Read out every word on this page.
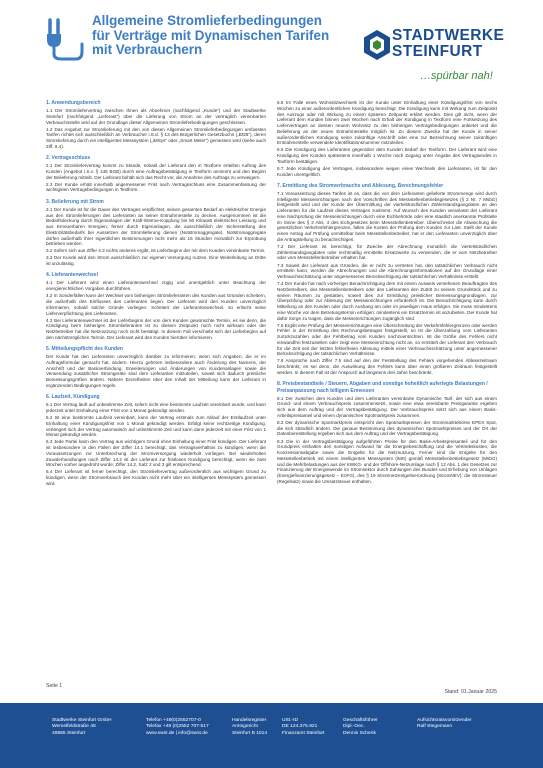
Allgemeine Stromlieferbedingungen
für Verträge mit Dynamischen Tarifen
mit Verbrauchern
STADTWERKE
STEINFURT
…spürbar nah!
1. Anwendungsbereich

1.1 Der Stromliefervertrag zwischen Ihnen als Abnehmer (nachfolgend „Kunde“) und der Stadtwerke Steinfurt (nachfolgend „Lieferant“) über die Lieferung von Strom an der vertraglich vereinbarten Verbrauchsstelle wird auf der Grundlage dieser Allgemeinen Stromlieferbedingungen geschlossen.

1.2 Das Angebot zur Stromlieferung mit den von diesen Allgemeinen Stromlieferbedingungen umfassten Tarifen richtet sich ausschließlich an Verbraucher i.S.d. § 13 des Bürgerlichen Gesetzbuchs („BGB“), deren Stromlieferung durch ein intelligentes Messsystem („iMSys“ oder „Smart Meter“) gemessen wird (siehe auch Ziff. 6.4).

2. Vertragsschluss

2.1 Der Stromliefervertrag kommt zu Stande, sobald der Lieferant den in Textform erteilten Auftrag des Kunden (Angebot i.S.v. § 145 BGB) durch eine Auftragsbestätigung in Textform annimmt und den Beginn der Belieferung mitteilt. Der Lieferant behält sich das Recht vor, die Annahme des Auftrags zu verweigern.

2.2 Der Kunde erhält innerhalb angemessener Frist nach Vertragsschluss eine Zusammenfassung der wichtigsten Vertragsbedingungen in Textform.

3. Belieferung mit Strom

3.1 Der Kunde ist für die Dauer des Vertrages verpflichtet, seinen gesamten Bedarf an elektrischer Energie aus den Stromlieferungen des Lieferanten an seiner Entnahmestelle zu decken. Ausgenommen ist die Bedarfsdeckung durch Eigenanlagen der Kraft-Wärme-Kopplung bis 50 Kilowatt elektrischer Leistung und aus Erneuerbaren Energien; ferner durch Eigenanlagen, die ausschließlich der Sicherstellung des Elektrizitätsbedarfs bei Aussetzen der Stromlieferung dienen (Notstromaggregate). Notstromaggregate dürfen außerhalb ihrer eigentlichen Bestimmungen nicht mehr als 15 Stunden monatlich zur Erprobung betrieben werden.

3.2 Sofern sich aus Ziffer 4.3 nichts anderes ergibt, ist Lieferbeginn der mit dem Kunden vereinbarte Termin.

3.3 Der Kunde wird den Strom ausschließlich zur eigenen Versorgung nutzen. Eine Weiterleitung an Dritte ist unzulässig.

4. Lieferantenwechsel

4.1 Der Lieferant wird einen Lieferantenwechsel zügig und unentgeltlich unter Beachtung der energierechtlichen Vorgaben durchführen.

4.2 In Sonderfällen kann der Wechsel vom bisherigen Stromlieferanten des Kunden aus Gründen scheitern, die außerhalb des Einflusses des Lieferanten liegen. Der Lieferant wird den Kunden unverzüglich informieren, sobald solche Gründe vorliegen. Scheitert der Lieferantenwechsel, so erlischt seine Lieferverpflichtung des Lieferanten.

4.3 Bei Lieferantenwechsel ist der Lieferbeginn der von dem Kunden gewünschte Termin, es sei denn, die Kündigung beim bisherigen Stromlieferanten ist zu diesem Zeitpunkt noch nicht wirksam oder der Netzbetreiber hat die Netznutzung noch nicht bestätigt. In diesem Fall verschiebt sich der Lieferbeginn auf den nächstmöglichen Termin. Der Lieferant wird den Kunden hierüber informieren.

5. Mitteilungspflicht des Kunden

Der Kunde hat den Lieferanten unverzüglich darüber zu informieren, wenn sich Angaben, die er im Auftragsformular gemacht hat, ändern. Hierzu gehören insbesondere auch Änderung des Namens, der Anschrift und der Bankverbindung. Erweiterungen und Änderungen von Kundenanlagen sowie die Verwendung zusätzlicher Stromgeräte sind dem Lieferanten mitzuteilen, soweit sich dadurch preisliche Bemessungsgrößen ändern. Nähere Einzelheiten über den Inhalt der Mitteilung kann der Lieferant in ergänzenden Bedingungen regeln.

6. Laufzeit, Kündigung

6.1 Der Vertrag läuft auf unbestimmte Zeit, sofern nicht eine bestimmte Laufzeit vereinbart wurde, und kann jederzeit unter Einhaltung einer Frist von 1 Monat gekündigt werden.

6.2 Ist eine bestimmte Laufzeit vereinbart, kann der Vertrag erstmals zum Ablauf der Erstlaufzeit unter Einhaltung einer Kündigungsfrist von 1 Monat gekündigt werden. Erfolgt keine rechtzeitige Kündigung, verlängert sich der Vertrag automatisch auf unbestimmte Zeit und kann dann jederzeit mit einer Frist von 1 Monat gekündigt werden.

6.3 Jede Partei kann den Vertrag aus wichtigem Grund ohne Einhaltung einer Frist kündigen. Der Lieferant ist insbesondere in den Fällen der Ziffer 14.1 berechtigt, das Vertragsverhältnis zu kündigen, wenn die Voraussetzungen zur Unterbrechung der Stromversorgung wiederholt vorliegen. Bei wiederholten Zuwiderhandlungen nach Ziffer 14.2 ist der Lieferant zur fristlosen Kündigung berechtigt, wenn sie zwei Wochen vorher angedroht wurde; Ziffer 14.2, Satz 2 und 3 gilt entsprechend.

6.4 Der Lieferant ist ferner berechtigt, den Stromliefervertrag außerordentlich aus wichtigem Grund zu kündigen, wenn der Stromverbrauch des Kunden nicht mehr über ein intelligentes Messsystem gemessen wird.

6.5 Im Falle eines Wohnsitzwechsels ist der Kunde unter Einhaltung einer Kündigungsfrist von sechs Wochen zu einer außerordentlichen Kündigung berechtigt. Die Kündigung kann mit Wirkung zum Zeitpunkt des Auszugs oder mit Wirkung zu einem späteren Zeitpunkt erklärt werden. Dies gilt nicht, wenn der Lieferant dem Kunden binnen zwei Wochen nach Erhalt der Kündigung in Textform eine Fortsetzung des Liefervertrages an dessen neuem Wohnsitz zu den bisherigen Vertragsbedingungen anbietet und die Belieferung an der neuen Entnahmestelle möglich ist. Zu diesem Zwecke hat der Kunde in seiner außerordentlichen Kündigung seine zukünftige Anschrift oder eine zur Bezeichnung seiner zukünftigen Entnahmestelle verwendete Identifikationsnummer mitzuteilen.

6.6 Die Kündigung des Lieferanten gegenüber dem Kunden bedarf der Textform. Der Lieferant wird eine Kündigung des Kunden spätestens innerhalb 1 Woche nach Zugang unter Angabe des Vertragsendes in Textform bestätigen.

6.7 Jede Kündigung des Vertrages, insbesondere wegen eines Wechsels des Lieferanten, ist für den Kunden unentgeltlich.

7. Ermittlung des Stromverbrauchs und Ablesung, Berechnungsfehler

7.1 Voraussetzung dieses Tarifes ist es, dass die von dem Lieferanten gelieferte Strommenge wird durch intelligente Messeinrichtungen nach den Vorschriften des Messstellenbetriebsgesetzes (§ 2 Nr. 7 MsbG) festgestellt wird und der Kunde der Übermittlung der viertelstündlichen Zählerstandsgangdaten an den Lieferanten für die Laufzeit dieses Vertrages zustimmt. Auf Wunsch des Kunden veranlasst der Lieferant eine Nachprüfung der Messeinrichtungen durch eine Eichbehörde oder eine staatlich anerkannte Prüfstelle im Sinne des § 2 Abs. 4 des Eichgesetzes beim Messstellenbetreiber. Überschreitet die Abweichung die gesetzlichen Verkehrsfehlergrenzen, fallen die Kosten der Prüfung dem Kunden zur Last. Stellt der Kunde einen Antrag auf Prüfung unmittelbar beim Messstellenbetreiber, hat er den Lieferanten unverzüglich über die Antragstellung zu benachrichtigen.

7.2 Der Lieferant ist berechtigt, für Zwecke der Abrechnung monatlich die viertelstündlichen Zählerstandsgangdaten oder rechtmäßig ermittelte Ersatzwerte zu verwenden, die er vom Netzbetreiber oder vom Messstellenbetreiber erhalten hat.

7.3 Soweit der Lieferant aus Gründen, die er nicht zu vertreten hat, den tatsächlichen Verbrauch nicht ermitteln kann, werden die Abrechnungen und die Abrechnungsinformationen auf der Grundlage einer Verbrauchsschätzung unter angemessener Berücksichtigung der tatsächlichen Verhältnisse erstellt.

7.4 Der Kunde hat nach vorheriger Benachrichtigung dem mit einem Ausweis versehenen Beauftragten des Netzbetreibers, des Messstellenbetreibers oder des Lieferanten den Zutritt zu seinem Grundstück und zu seinen Räumen zu gestatten, soweit dies zur Ermittlung preislicher Bemessungsgrundlagen, zur Überprüfung oder zur Ablesung der Messeinrichtungen erforderlich ist. Die Benachrichtigung kann durch Mitteilung an den Kunden oder durch Aushang am oder im jeweiligen Haus erfolgen. Sie muss mindestens eine Woche vor dem Betretungstermin erfolgen; mindestens ein Ersatztermin ist anzubieten. Der Kunde hat dafür Sorge zu tragen, dass die Messeinrichtungen zugänglich sind.

7.5 Ergibt eine Prüfung der Messeinrichtungen eine Überschreitung der Verkehrsfehlergrenzen oder werden Fehler in der Ermittlung des Rechnungsbetrages festgestellt, so ist die Überzahlung vom Lieferanten zurückzuzahlen oder der Fehlbetrag vom Kunden nachzuentrichten. Ist die Größe des Fehlers nicht einwandfrei festzustellen oder zeigt eine Messeinrichtung nicht an, so ermittelt der Lieferant den Verbrauch für die Zeit seit der letzten fehlerfreien Ablesung mittels einer Verbrauchsschätzung unter angemessener Berücksichtigung der tatsächlichen Verhältnisse.

7.6 Ansprüche nach Ziffer 7.5 sind auf den der Feststellung des Fehlers vorgehenden Ablesezeitraum beschränkt, es sei denn, die Auswirkung des Fehlers kann über einen größeren Zeitraum festgestellt werden. In diesem Fall ist der Anspruch auf längstens drei Jahre beschränkt.

8. Preisbestandteile / Steuern, Abgaben und sonstige hoheitlich auferlegte Belastungen / Preisanpassung nach billigem Ermessen

8.1 Der zwischen dem Kunden und dem Lieferanten vereinbarte Dynamische Tarif, der sich aus einem Grund- und einem Verbrauchspreis zusammensetzt, sowie eine etwa vereinbarte Preisgarantie ergeben sich aus dem Auftrag und der Vertragsbestätigung. Der Verbrauchspreis setzt sich aus einem Basis-Arbeitspreisanteil und einem dynamischen Spotmarktpreis zusammen.

8.2 Der dynamische Spotmarktpreis entspricht den Spotmarktpreisen der Strommarktebörse EPEX Spot, die sich stündlich ändern. Die genaue Bestimmung des dynamischen Spotmarktpreises und der Ort der Datenbereitstellung ergeben sich aus dem Auftrag und der Vertragsbestätigung.

8.3 Die in der Vertragsbestätigung aufgeführten Preise für den Basis-Arbeitspreisanteil und für den Grundpreis enthalten den sonstigen Aufwand für die Energiebeschaffung und die Vertriebskosten, die Konzessionsabgabe sowie die Entgelte für die Netznutzung. Ferner sind die Entgelte für den Messstellenbetrieb mit einem intelligenten Messsystem (iMS) gemäß Messstellenbetriebsgesetz (MsbG) und die Mehrbelastungen aus der KWKG- und der Offshore-Netzumlage nach § 12 Abs. 1 des Gesetzes zur Finanzierung der Energiewende im Stromsektor durch Zahlungen des Bundes und Erhebung von Umlagen (Energiefinanzierungsgesetz – EnFG), des § 19 Stromnetzentgeltverordnung (StromNEV), die Stromsteuer (Regelsatz) sowie die Umsatzsteuer enthalten.

Seite 1
Stand: 01.Januar 2025
Stadtwerke Steinfurt GmbH
Wemelfeldstraße 48
48565 Steinfurt
Telefon +49(0)2552707-0
Telefax +49 (0)2552 707-517
www.swst.de | info@swst.de
Handelsregister
Amtsgericht
Steinfurt B 1014
USt.-ID
DE 124.375.921
Finanzamt Steinfurt
Geschäftsführer
Dipl.-Oec.
Dennis Schenk
Aufsichtsratsvorsitzender
Ralf Stegemann
